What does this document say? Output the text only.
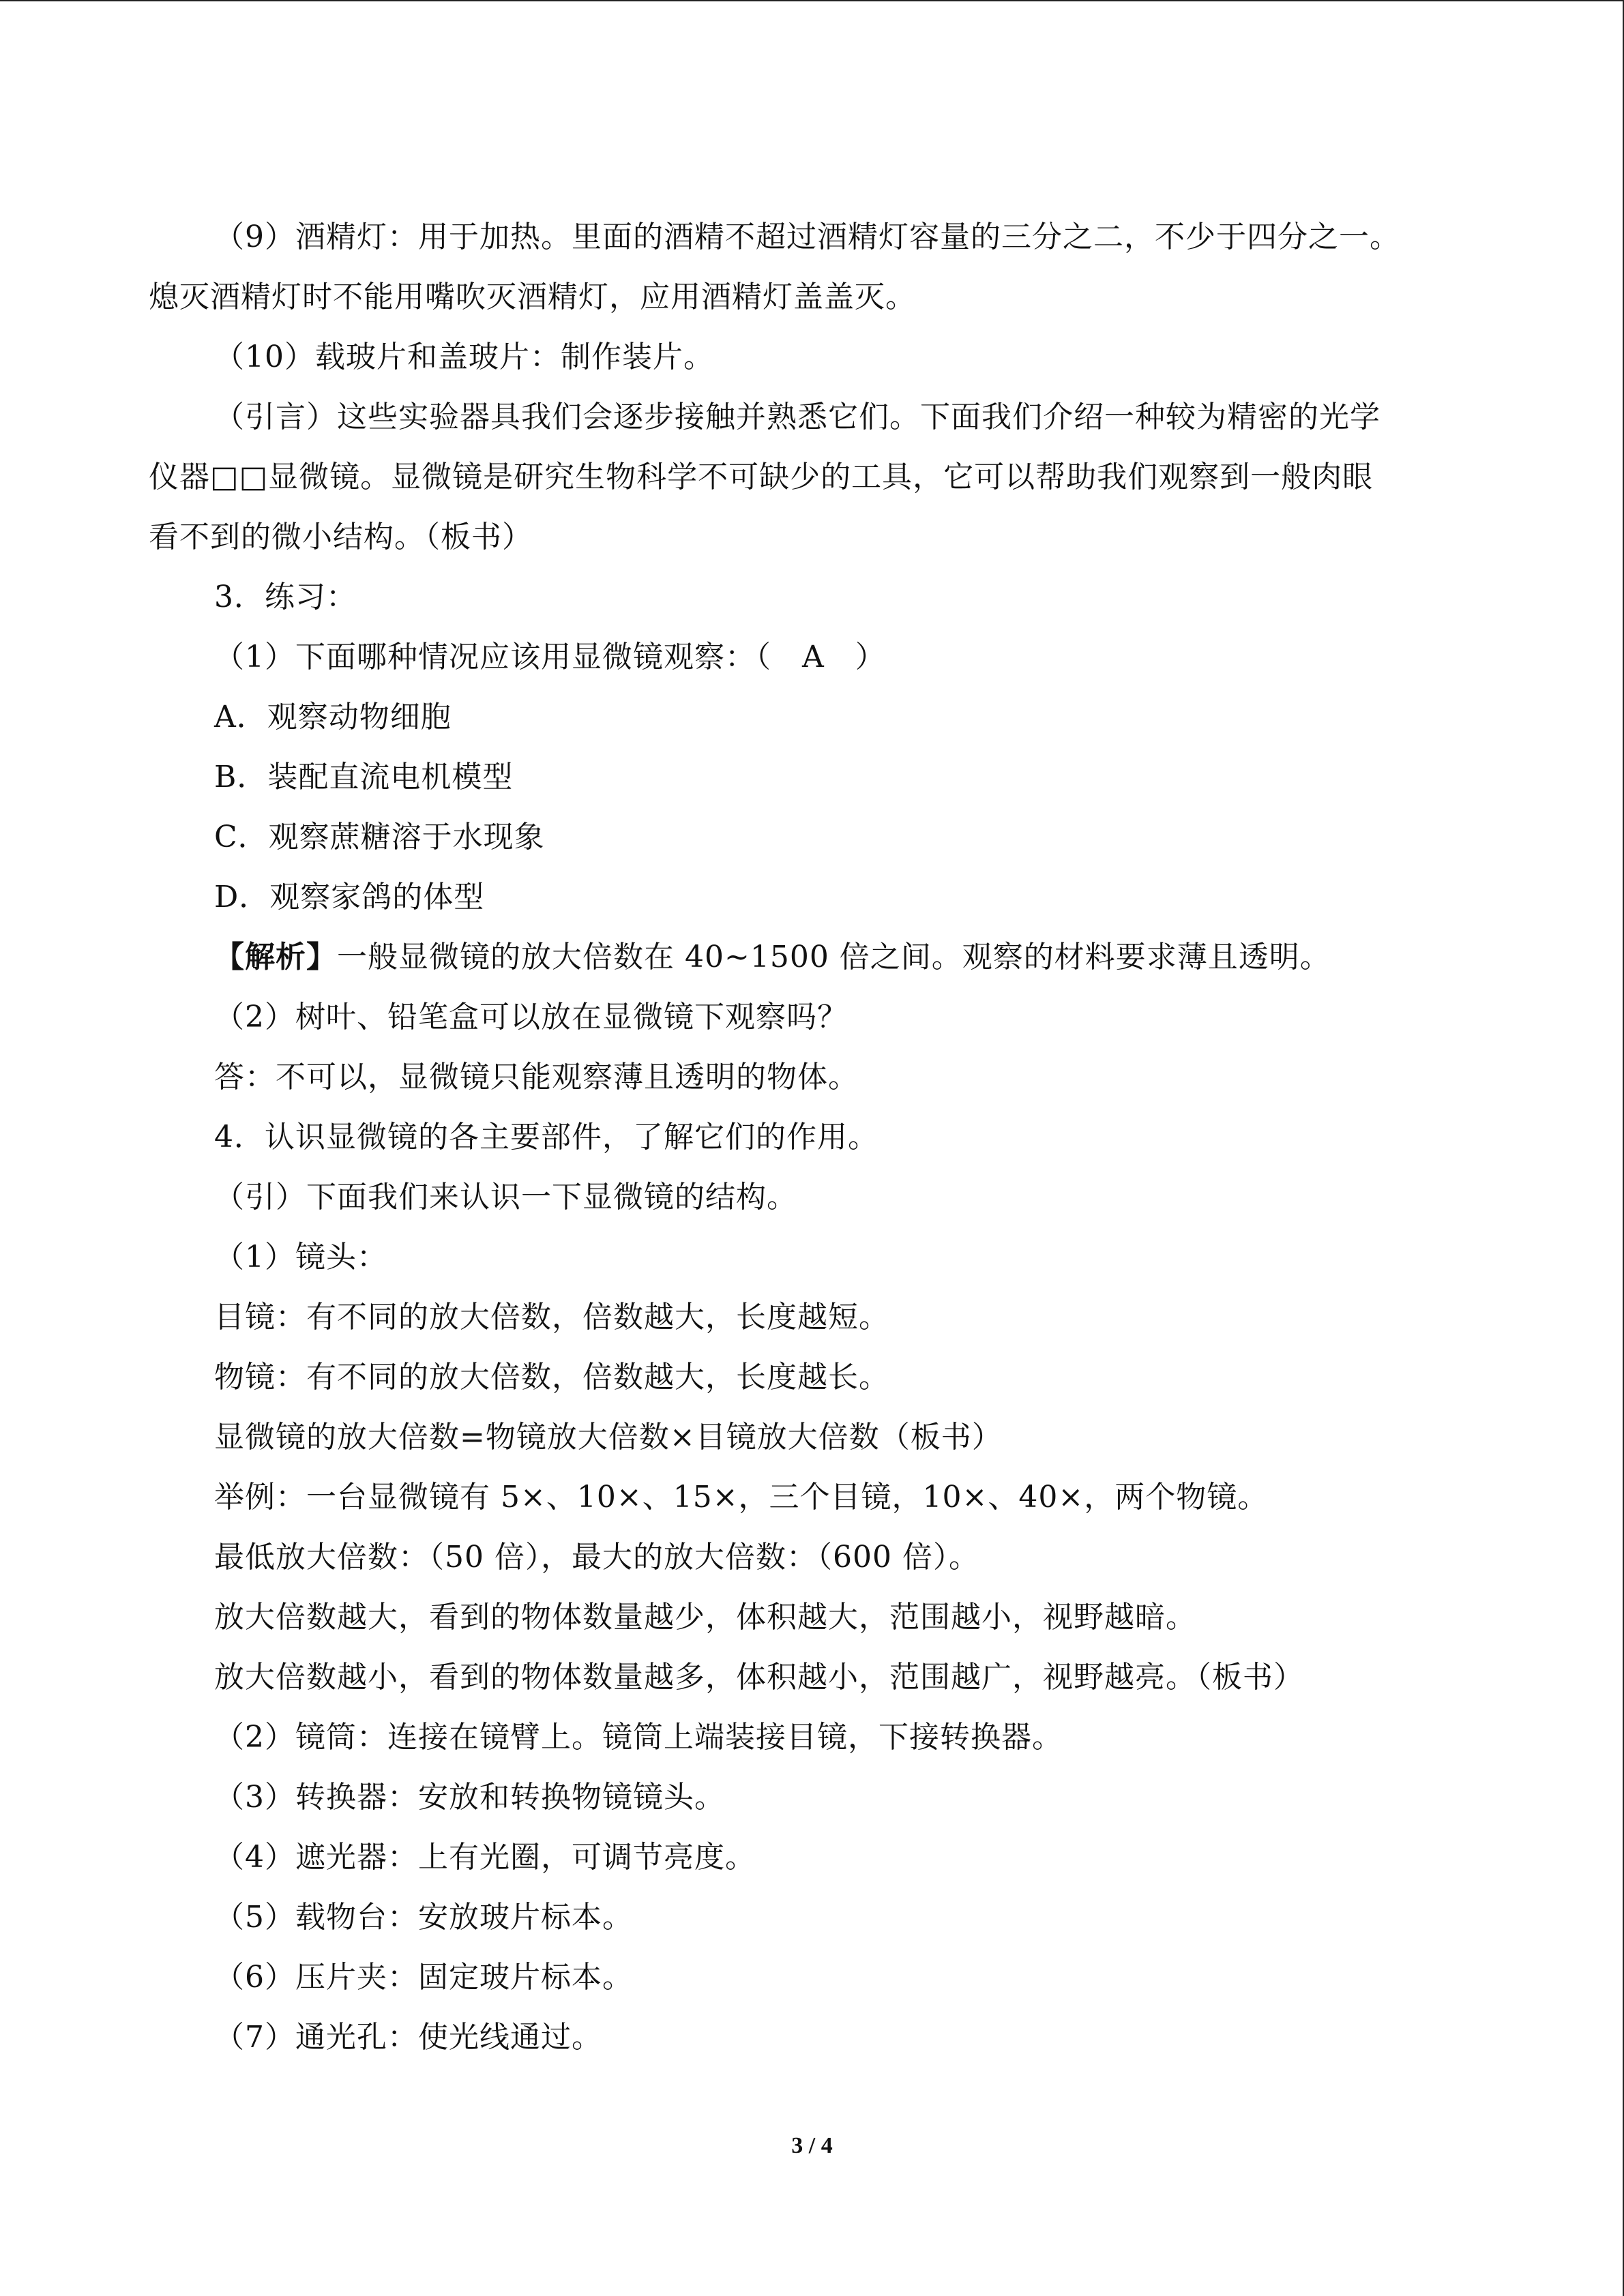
（9）酒精灯：用于加热。里面的酒精不超过酒精灯容量的三分之二，不少于四分之一。
熄灭酒精灯时不能用嘴吹灭酒精灯，应用酒精灯盖盖灭。
（10）载玻片和盖玻片：制作装片。
（引言）这些实验器具我们会逐步接触并熟悉它们。下面我们介绍一种较为精密的光学
仪器□□显微镜。显微镜是研究生物科学不可缺少的工具，它可以帮助我们观察到一般肉眼
看不到的微小结构。（板书）
3．练习：
（1）下面哪种情况应该用显微镜观察：（　A　）
A．观察动物细胞
B．装配直流电机模型
C．观察蔗糖溶于水现象
D．观察家鸽的体型
【解析】一般显微镜的放大倍数在 40~1500 倍之间。观察的材料要求薄且透明。
（2）树叶、铅笔盒可以放在显微镜下观察吗？
答：不可以，显微镜只能观察薄且透明的物体。
4．认识显微镜的各主要部件，了解它们的作用。
（引）下面我们来认识一下显微镜的结构。
（1）镜头：
目镜：有不同的放大倍数，倍数越大，长度越短。
物镜：有不同的放大倍数，倍数越大，长度越长。
显微镜的放大倍数=物镜放大倍数×目镜放大倍数（板书）
举例：一台显微镜有 5×、10×、15×，三个目镜，10×、40×，两个物镜。
最低放大倍数：（50 倍），最大的放大倍数：（600 倍）。
放大倍数越大，看到的物体数量越少，体积越大，范围越小，视野越暗。
放大倍数越小，看到的物体数量越多，体积越小，范围越广，视野越亮。（板书）
（2）镜筒：连接在镜臂上。镜筒上端装接目镜，下接转换器。
（3）转换器：安放和转换物镜镜头。
（4）遮光器：上有光圈，可调节亮度。
（5）载物台：安放玻片标本。
（6）压片夹：固定玻片标本。
（7）通光孔：使光线通过。
3 / 4
